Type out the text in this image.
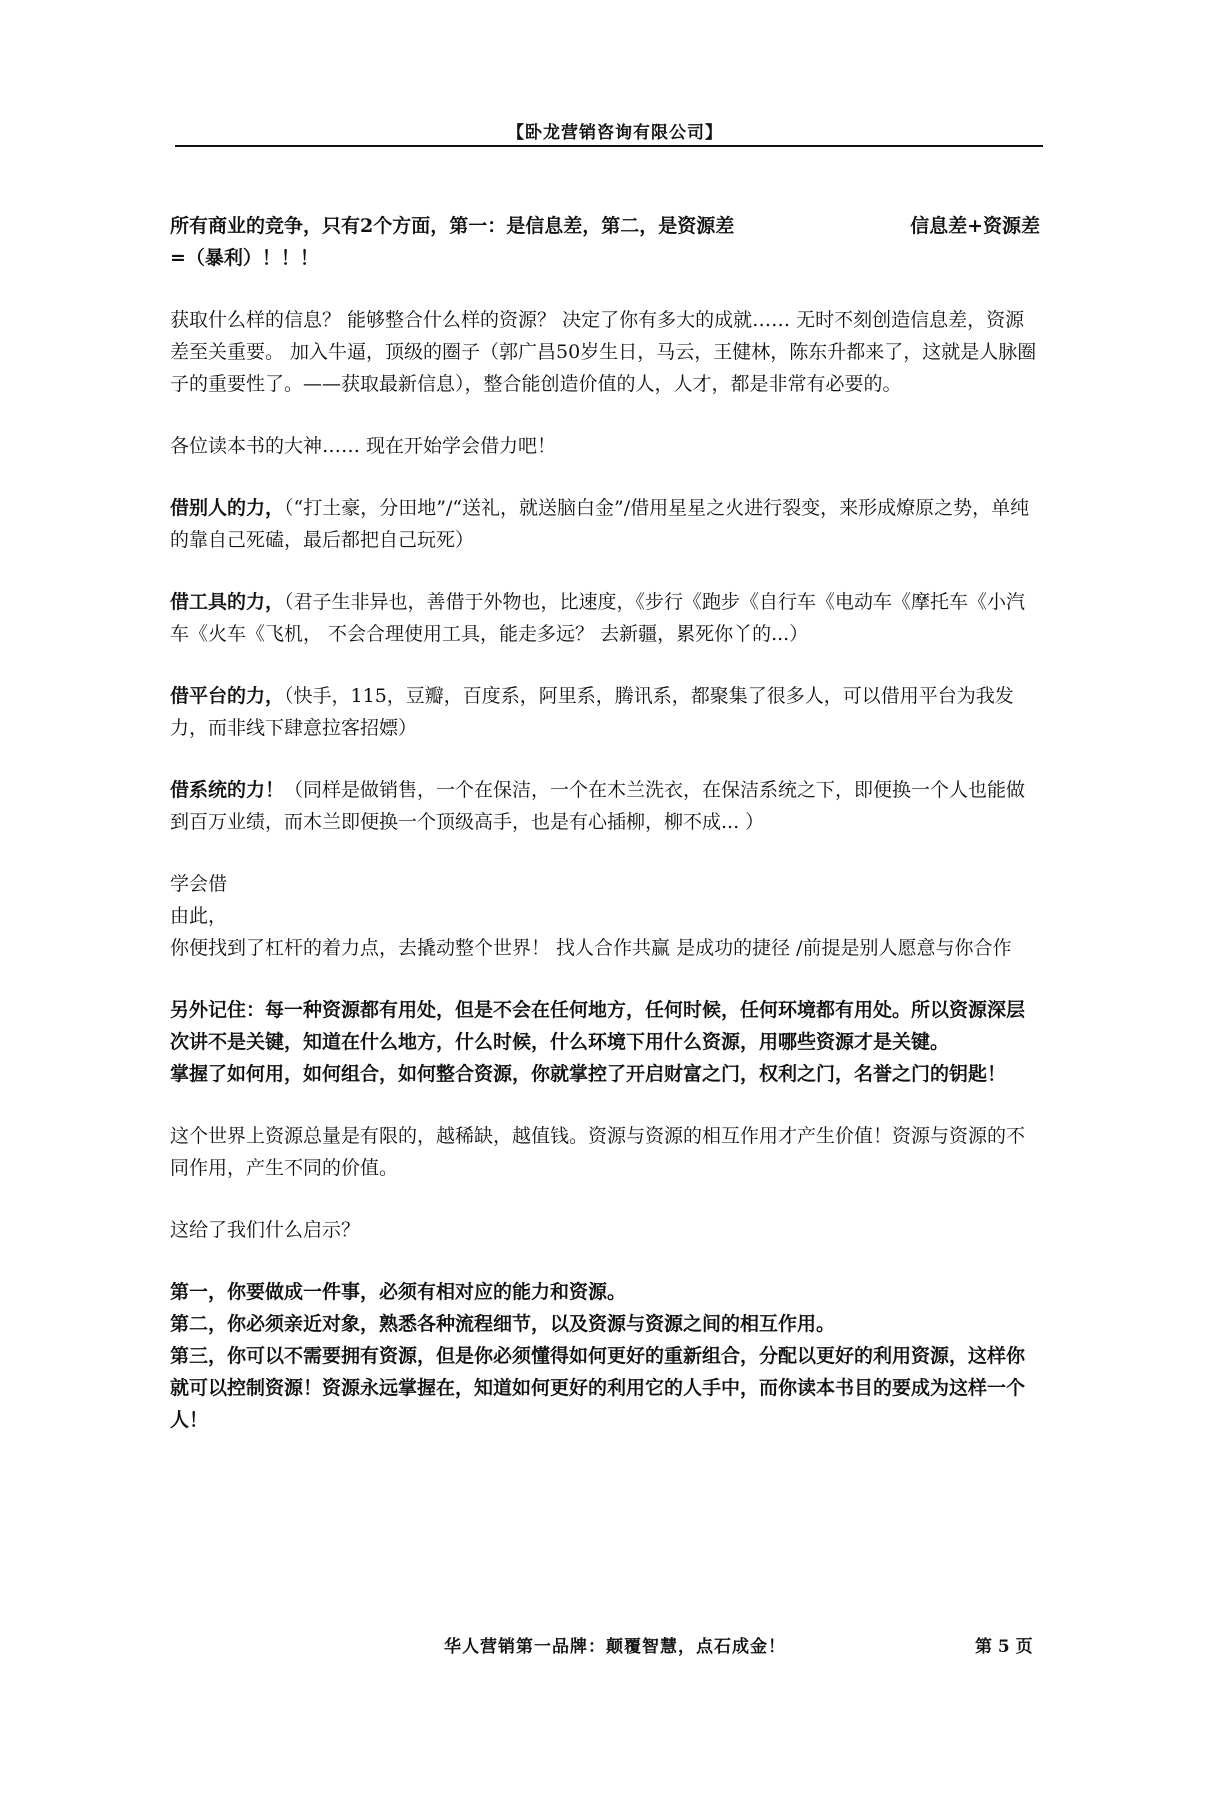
【卧龙营销咨询有限公司】
所有商业的竞争，只有2个方面，第一：是信息差，第二，是资源差	信息差+资源差
=（暴利）！！！

获取什么样的信息？ 能够整合什么样的资源？ 决定了你有多大的成就…… 无时不刻创造信息差，资源差至关重要。 加入牛逼，顶级的圈子（郭广昌50岁生日，马云，王健林，陈东升都来了，这就是人脉圈子的重要性了。——获取最新信息），整合能创造价值的人，人才，都是非常有必要的。

各位读本书的大神…… 现在开始学会借力吧！

借别人的力，（“打土豪，分田地”/“送礼，就送脑白金”/借用星星之火进行裂变，来形成燎原之势，单纯的靠自己死磕，最后都把自己玩死）

借工具的力，（君子生非异也，善借于外物也，比速度，《步行《跑步《自行车《电动车《摩托车《小汽车《火车《飞机， 不会合理使用工具，能走多远？ 去新疆，累死你丫的...）

借平台的力，（快手，115，豆瓣，百度系，阿里系，腾讯系，都聚集了很多人，可以借用平台为我发力，而非线下肆意拉客招嫖）

借系统的力！（同样是做销售，一个在保洁，一个在木兰洗衣，在保洁系统之下，即便换一个人也能做到百万业绩，而木兰即便换一个顶级高手，也是有心插柳，柳不成... ）

学会借

由此，

你便找到了杠杆的着力点，去撬动整个世界！ 找人合作共赢 是成功的捷径 /前提是别人愿意与你合作

另外记住：每一种资源都有用处，但是不会在任何地方，任何时候，任何环境都有用处。所以资源深层次讲不是关键，知道在什么地方，什么时候，什么环境下用什么资源，用哪些资源才是关键。

掌握了如何用，如何组合，如何整合资源，你就掌控了开启财富之门，权利之门，名誉之门的钥匙！

这个世界上资源总量是有限的，越稀缺，越值钱。资源与资源的相互作用才产生价值！资源与资源的不同作用，产生不同的价值。

这给了我们什么启示？

第一，你要做成一件事，必须有相对应的能力和资源。

第二，你必须亲近对象，熟悉各种流程细节，以及资源与资源之间的相互作用。

第三，你可以不需要拥有资源，但是你必须懂得如何更好的重新组合，分配以更好的利用资源，这样你就可以控制资源！资源永远掌握在，知道如何更好的利用它的人手中，而你读本书目的要成为这样一个人！

华人营销第一品牌：颠覆智慧，点石成金！	第 5 页
